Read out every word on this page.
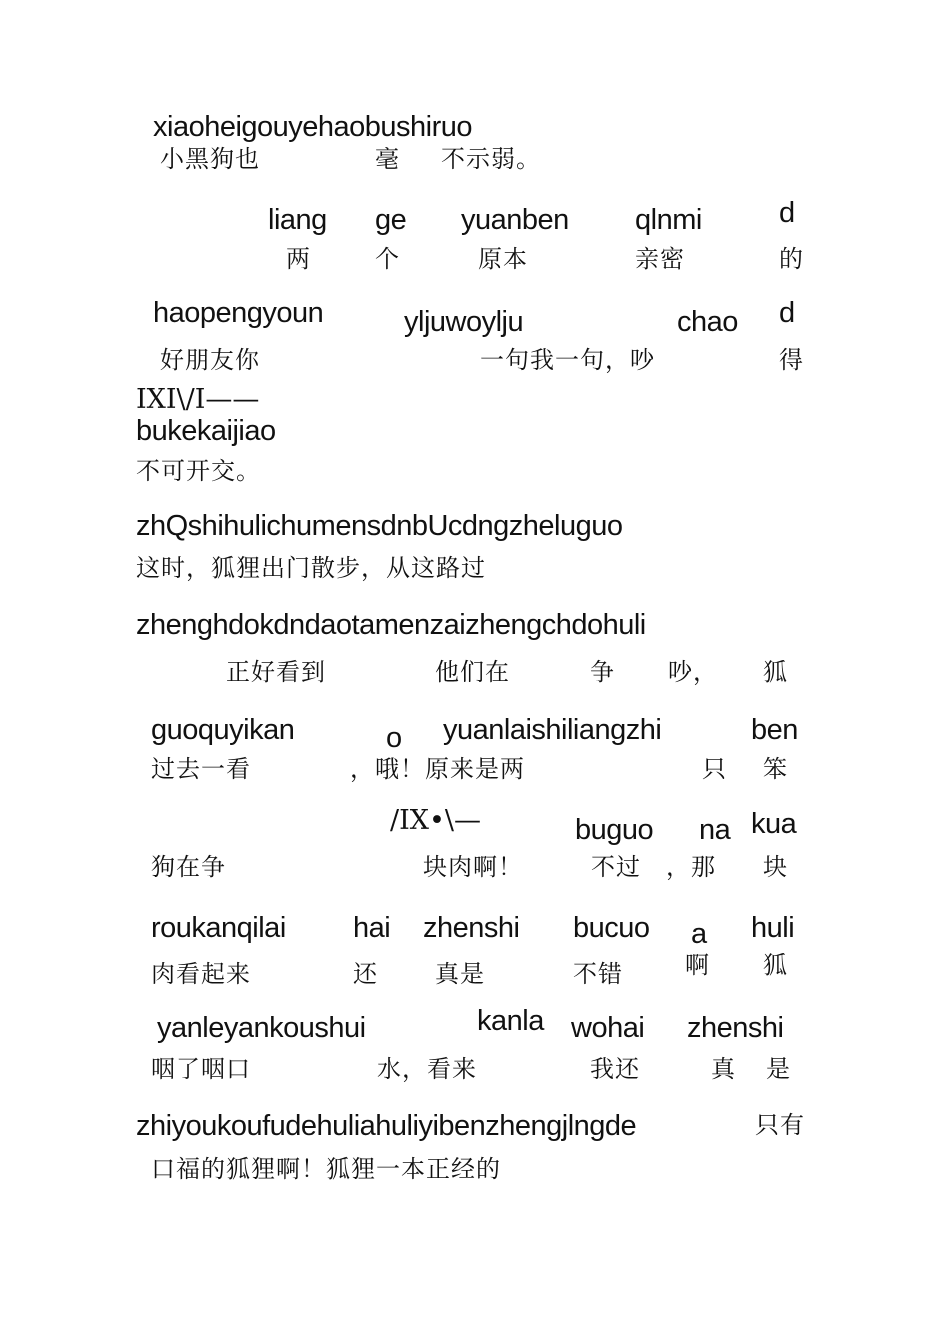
xiaoheigouyehaobushiruo
小黑狗也	毫 不示弱。
liang ge yuanben qlnmi	d
两	个	原本	亲密	的
haopengyoun	yljuwoylju	chao d
好朋友你	一句我一句，吵	得
IXI\/I——
bukekaijiao
不可开交。
zhQshihulichumensdnbUcdngzheluguo
这时，狐狸出门散步，从这路过
zhenghdokdndaotamenzaizhengchdohuli
正好看到	他们在	争 吵， 狐
guoquyikan	o yuanlaishiliangzhi	ben
过去一看	，哦！原来是两	只 笨
/IX•\—	buguo na kua
狗在争	块肉啊！	不过 ，那 块
roukanqilai hai zhenshi bucuo a huli
肉看起来	还 真是	不错	啊 狐
yanleyankoushui	kanla wohai zhenshi
咽了咽口	水，看来	我还	真 是
zhiyoukoufudehuliahuliyibenzhengjlngde	只有
口福的狐狸啊！狐狸一本正经的
